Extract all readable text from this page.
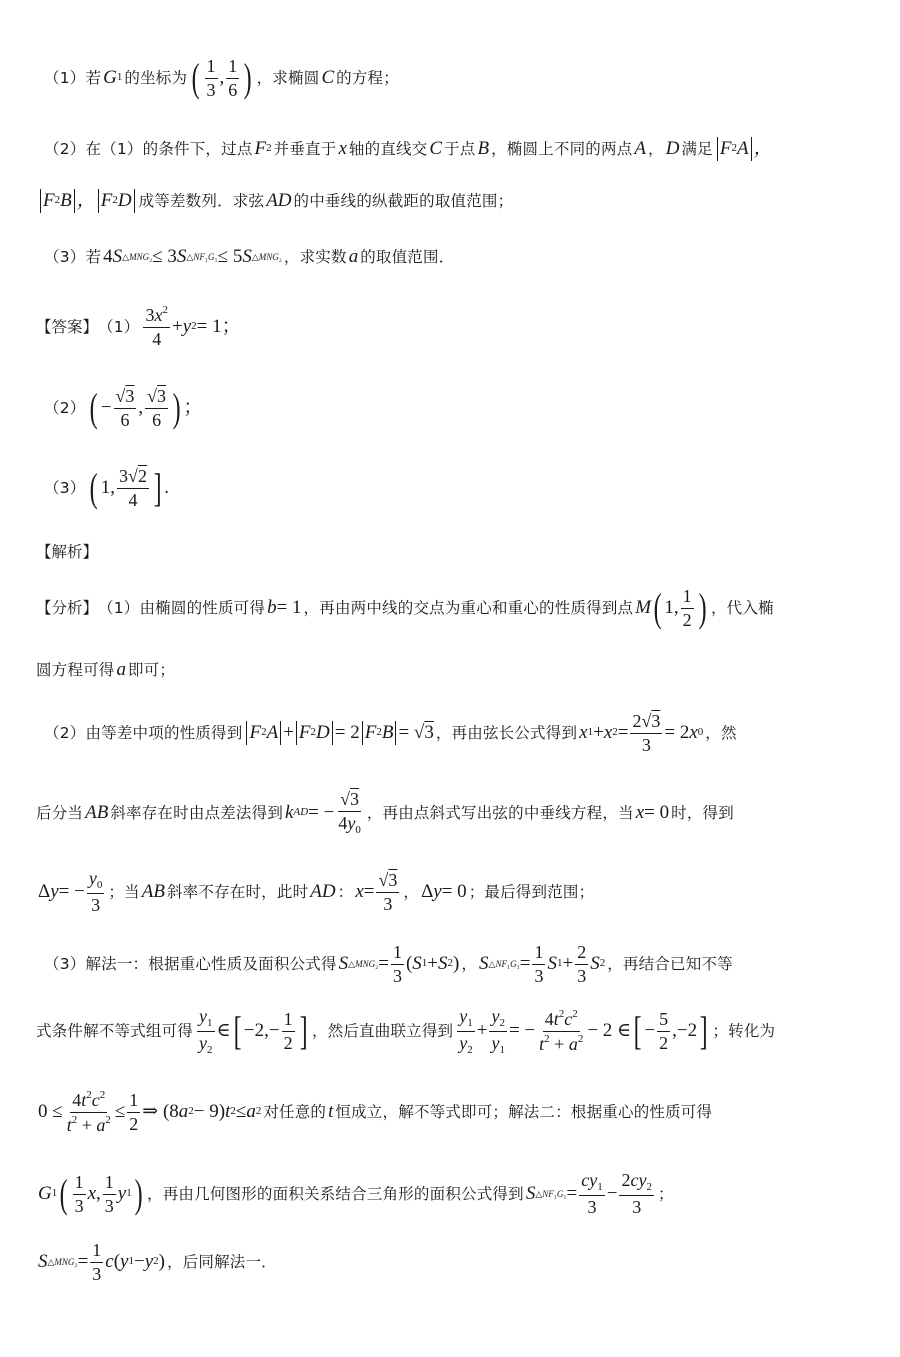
（1）若 G 1 的坐标为 ( $\frac{1}{3}$ , $\frac{1}{6}$ ) ，求椭圆 C 的方程；
（2）在（1）的条件下，过点 F 2 并垂直于 x 轴的直线交 C 于点 B ，椭圆上不同的两点 A ， D 满足 F 2 A ，
F 2 B ， F 2 D 成等差数列．求弦 AD 的中垂线的纵截距的取值范围；
（3）若 4 S △MNG₂ ≤ 3 S △NF₁G₁ ≤ 5 S △MNG₂ ，求实数 a 的取值范围．
【答案】 $(1) \frac{3x^2}{4} + y$ 2 = 1；
（2） ( − $\frac{√3}{6}$ , $\frac{√3}{6}$ ) ；
（3） ( 1, $\frac{3√2}{4}$ ] .
【解析】
【分析】 （1）由椭圆的性质可得 b = 1 ，再由两中线的交点为重心和重心的性质得到点 M ( 1, $\frac{1}{2}$ ) ，代入椭
圆方程可得 a 即可；
（2）由等差中项的性质得到 F 2 A + F 2 D = 2 F 2 B = √ 3 ，再由弦长公式得到 x 1 + x $2 = \frac{2√3}{3} = 2$ x 0 ，然
后分当 AB 斜率存在时由点差法得到 k AD = − $\frac{√3}{4y_0}$ ，再由点斜式写出弦的中垂线方程，当 x = 0 时，得到
Δ y = − $\frac{y_0}{3}$ ；当 AB 斜率不存在时，此时 AD ： $x = \frac{√3}{3}$ ， Δ y = 0 ；最后得到范围；
（3）解法一：根据重心性质及面积公式得 S △MNG₂ = $\frac{1}{3}$ ( S 1 + S 2 ) ， S △NF₁G₁ = $\frac{1}{3}$ S $1 + \frac{2}{3}$ S 2 ，再结合已知不等
式条件解不等式组可得 $\frac{y_1}{y_2}$ ∈ [ $-2,- \frac{1}{2}$ ] ，然后直曲联立得到 $\frac{y_1}{y_2} + \frac{y_2}{y_1}$ = − $\frac{4t^2c^2}{t^2 + a^2} - 2$ ∈ [ − $\frac{5}{2} ,-2$ ] ；转化为
$0 \le \frac{4t^2c^2}{t^2 + a^2} \le \frac{1}{2}$ ⇒ (8 a 2 − 9) t 2 ≤ a 2 对任意的 t 恒成立，解不等式即可；解法二：根据重心的性质可得
G 1 ( $\frac{1}{3}$ x , $\frac{1}{3}$ y 1 ) ，再由几何图形的面积关系结合三角形的面积公式得到 S △NF₁G₁ = $\frac{cy_1}{3} - \frac{2cy_2}{3}$ ；
S △MNG₂ = $\frac{1}{3}$ c ( y 1 − y 2 ) ，后同解法一．
